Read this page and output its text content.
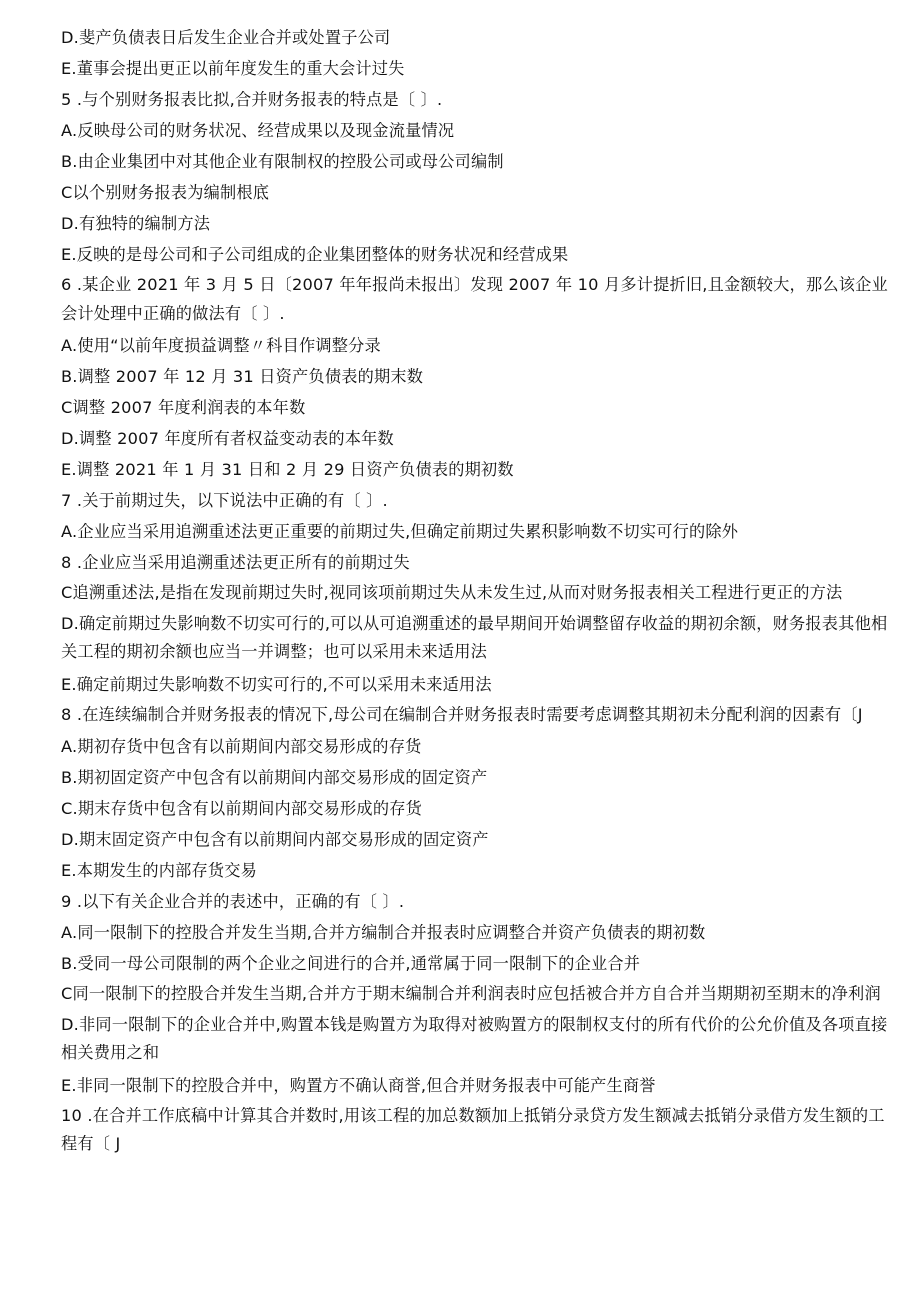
D.斐产负债表日后发生企业合并或处置子公司
E.董事会提出更正以前年度发生的重大会计过失
5 .与个别财务报表比拟,合并财务报表的特点是〔 〕.
A.反映母公司的财务状况、经营成果以及现金流量情况
B.由企业集团中对其他企业有限制权的控股公司或母公司编制
C以个别财务报表为编制根底
D.有独特的编制方法
E.反映的是母公司和子公司组成的企业集团整体的财务状况和经营成果
6 .某企业 2021 年 3 月 5 日〔2007 年年报尚未报出〕发现 2007 年 10 月多计提折旧,且金额较大，那么该企业会计处理中正确的做法有〔 〕.
A.使用“以前年度损益调整〃科目作调整分录
B.调整 2007 年 12 月 31 日资产负债表的期末数
C调整 2007 年度利润表的本年数
D.调整 2007 年度所有者权益变动表的本年数
E.调整 2021 年 1 月 31 日和 2 月 29 日资产负债表的期初数
7 .关于前期过失，以下说法中正确的有〔 〕.
A.企业应当采用追溯重述法更正重要的前期过失,但确定前期过失累积影响数不切实可行的除外
8 .企业应当采用追溯重述法更正所有的前期过失
C追溯重述法,是指在发现前期过失时,视同该项前期过失从未发生过,从而对财务报表相关工程进行更正的方法
D.确定前期过失影响数不切实可行的,可以从可追溯重述的最早期间开始调整留存收益的期初余额，财务报表其他相关工程的期初余额也应当一并调整；也可以采用未来适用法
E.确定前期过失影响数不切实可行的,不可以采用未来适用法
8 .在连续编制合并财务报表的情况下,母公司在编制合并财务报表时需要考虑调整其期初未分配利润的因素有〔J
A.期初存货中包含有以前期间内部交易形成的存货
B.期初固定资产中包含有以前期间内部交易形成的固定资产
C.期末存货中包含有以前期间内部交易形成的存货
D.期末固定资产中包含有以前期间内部交易形成的固定资产
E.本期发生的内部存货交易
9 .以下有关企业合并的表述中，正确的有〔 〕.
A.同一限制下的控股合并发生当期,合并方编制合并报表时应调整合并资产负债表的期初数
B.受同一母公司限制的两个企业之间进行的合并,通常属于同一限制下的企业合并
C同一限制下的控股合并发生当期,合并方于期末编制合并利润表时应包括被合并方自合并当期期初至期末的净利润
D.非同一限制下的企业合并中,购置本钱是购置方为取得对被购置方的限制权支付的所有代价的公允价值及各项直接相关费用之和
E.非同一限制下的控股合并中，购置方不确认商誉,但合并财务报表中可能产生商誉
10 .在合并工作底稿中计算其合并数时,用该工程的加总数额加上抵销分录贷方发生额减去抵销分录借方发生额的工程有〔 J
